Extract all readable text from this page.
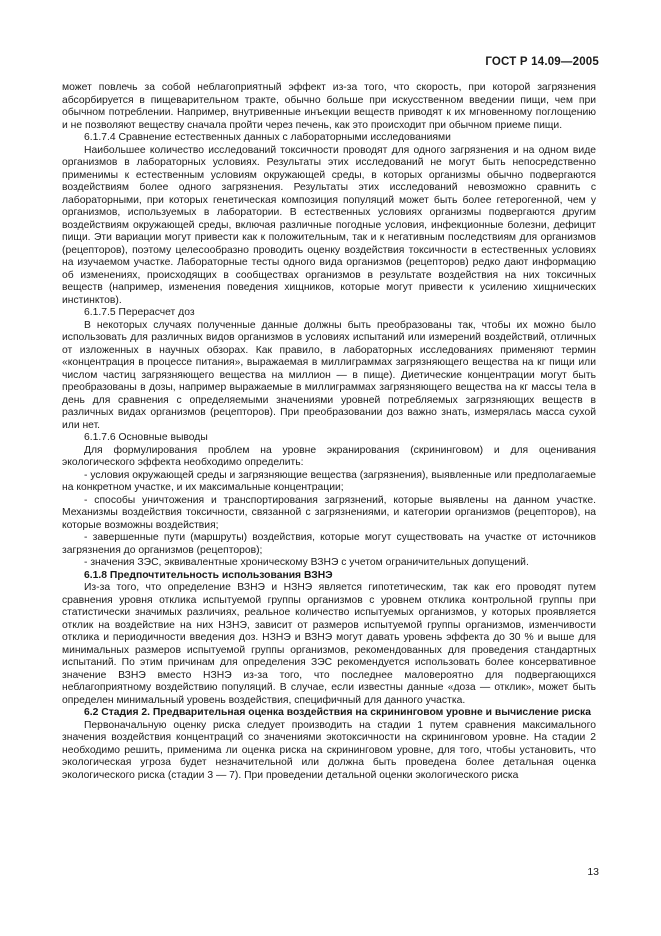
ГОСТ Р 14.09—2005

может повлечь за собой неблагоприятный эффект из-за того, что скорость, при которой загрязнения абсорбируется в пищеварительном тракте, обычно больше при искусственном введении пищи, чем при обычном потреблении. Например, внутривенные инъекции веществ приводят к их мгновенному поглощению и не позволяют веществу сначала пройти через печень, как это происходит при обычном приеме пищи.

6.1.7.4 Сравнение естественных данных с лабораторными исследованиями

Наибольшее количество исследований токсичности проводят для одного загрязнения и на одном виде организмов в лабораторных условиях. Результаты этих исследований не могут быть непосредственно применимы к естественным условиям окружающей среды, в которых организмы обычно подвергаются воздействиям более одного загрязнения. Результаты этих исследований невозможно сравнить с лабораторными, при которых генетическая композиция популяций может быть более гетерогенной, чем у организмов, используемых в лаборатории. В естественных условиях организмы подвергаются другим воздействиям окружающей среды, включая различные погодные условия, инфекционные болезни, дефицит пищи. Эти вариации могут привести как к положительным, так и к негативным последствиям для организмов (рецепторов), поэтому целесообразно проводить оценку воздействия токсичности в естественных условиях на изучаемом участке. Лабораторные тесты одного вида организмов (рецепторов) редко дают информацию об изменениях, происходящих в сообществах организмов в результате воздействия на них токсичных веществ (например, изменения поведения хищников, которые могут привести к усилению хищнических инстинктов).

6.1.7.5 Перерасчет доз

В некоторых случаях полученные данные должны быть преобразованы так, чтобы их можно было использовать для различных видов организмов в условиях испытаний или измерений воздействий, отличных от изложенных в научных обзорах. Как правило, в лабораторных исследованиях применяют термин «концентрация в процессе питания», выражаемая в миллиграммах загрязняющего вещества на кг пищи или числом частиц загрязняющего вещества на миллион — в пище). Диетические концентрации могут быть преобразованы в дозы, например выражаемые в миллиграммах загрязняющего вещества на кг массы тела в день для сравнения с определяемыми значениями уровней потребляемых загрязняющих веществ в различных видах организмов (рецепторов). При преобразовании доз важно знать, измерялась масса сухой или нет.

6.1.7.6 Основные выводы

Для формулирования проблем на уровне экранирования (скрининговом) и для оценивания экологического эффекта необходимо определить:

- условия окружающей среды и загрязняющие вещества (загрязнения), выявленные или предполагаемые на конкретном участке, и их максимальные концентрации;

- способы уничтожения и транспортирования загрязнений, которые выявлены на данном участке. Механизмы воздействия токсичности, связанной с загрязнениями, и категории организмов (рецепторов), на которые возможны воздействия;

- завершенные пути (маршруты) воздействия, которые могут существовать на участке от источников загрязнения до организмов (рецепторов);

- значения ЗЭС, эквивалентные хроническому ВЗНЭ с учетом ограничительных допущений.

6.1.8 Предпочтительность использования ВЗНЭ

Из-за того, что определение ВЗНЭ и НЗНЭ является гипотетическим, так как его проводят путем сравнения уровня отклика испытуемой группы организмов с уровнем отклика контрольной группы при статистически значимых различиях, реальное количество испытуемых организмов, у которых проявляется отклик на воздействие на них НЗНЭ, зависит от размеров испытуемой группы организмов, изменчивости отклика и периодичности введения доз. НЗНЭ и ВЗНЭ могут давать уровень эффекта до 30 % и выше для минимальных размеров испытуемой группы организмов, рекомендованных для проведения стандартных испытаний. По этим причинам для определения ЗЭС рекомендуется использовать более консервативное значение ВЗНЭ вместо НЗНЭ из-за того, что последнее маловероятно для подвергающихся неблагоприятному воздействию популяций. В случае, если известны данные «доза — отклик», может быть определен минимальный уровень воздействия, специфичный для данного участка.

6.2 Стадия 2. Предварительная оценка воздействия на скрининговом уровне и вычисление риска

Первоначальную оценку риска следует производить на стадии 1 путем сравнения максимального значения воздействия концентраций со значениями экотоксичности на скрининговом уровне. На стадии 2 необходимо решить, применима ли оценка риска на скрининговом уровне, для того, чтобы установить, что экологическая угроза будет незначительной или должна быть проведена более детальная оценка экологического риска (стадии 3 — 7). При проведении детальной оценки экологического риска

13
